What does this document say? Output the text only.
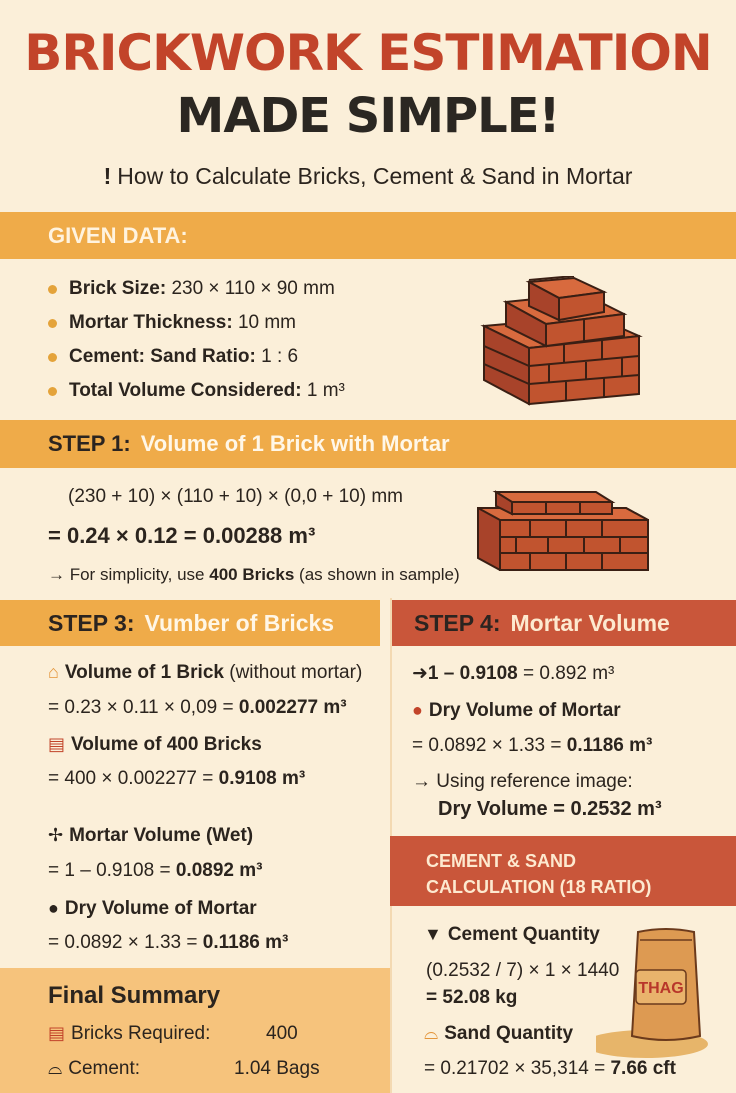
BRICKWORK ESTIMATION
MADE SIMPLE!
! How to Calculate Bricks, Cement & Sand in Mortar
GIVEN DATA:
Brick Size:
230 × 110 × 90 mm
Mortar Thickness:
10 mm
Cement: Sand Ratio:
1 : 6
Total Volume Considered:
1 m³
STEP 1: Volume of 1 Brick with Mortar
(230 + 10) × (110 + 10) × (0,0 + 10) mm
= 0.24 × 0.12 = 0.00288 m³
→ For simplicity, use 400 Bricks (as shown in sample)
STEP 3: Vumber of Bricks	STEP 4: Mortar Volume
⌂ Volume of 1 Brick (without mortar)
= 0.23 × 0.11 × 0,09 = 0.002277 m³
▤ Volume of 400 Bricks
= 400 × 0.002277 = 0.9108 m³
✢ Mortar Volume (Wet)
= 1 – 0.9108 = 0.0892 m³
● Dry Volume of Mortar
= 0.0892 × 1.33 = 0.1186 m³
➜1 – 0.9108 = 0.892 m³
● Dry Volume of Mortar
= 0.0892 × 1.33 = 0.1186 m³
→ Using reference image:
Dry Volume = 0.2532 m³
CEMENT & SAND
CALCULATION (18 RATIO)
▼ Cement Quantity
(0.2532 / 7) × 1 × 1440
= 52.08 kg
⌓ Sand Quantity
THAG
= 0.21702 × 35,314 = 7.66 cft
Final Summary
▤ Bricks Required:	400
⌓ Cement:	1.04 Bags
